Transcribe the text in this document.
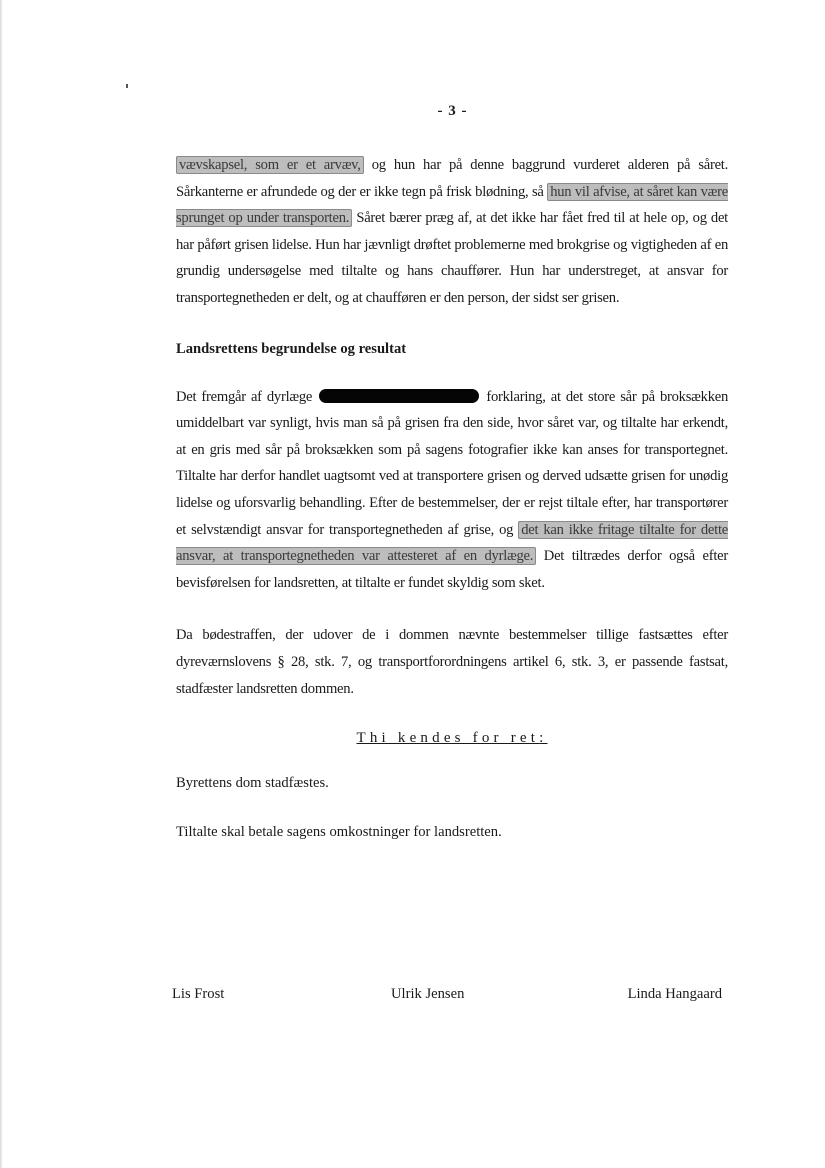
- 3 -

vævskapsel, som er et arvæv, og hun har på denne baggrund vurderet alderen på såret. Sårkanterne er afrundede og der er ikke tegn på frisk blødning, så hun vil afvise, at såret kan være sprunget op under transporten. Såret bærer præg af, at det ikke har fået fred til at hele op, og det har påført grisen lidelse. Hun har jævnligt drøftet problemerne med brokgrise og vigtigheden af en grundig undersøgelse med tiltalte og hans chauffører. Hun har understreget, at ansvar for transportegnetheden er delt, og at chaufføren er den person, der sidst ser grisen.

Landsrettens begrundelse og resultat

Det fremgår af dyrlæge	forklaring, at det store sår på broksækken umiddelbart var synligt, hvis man så på grisen fra den side, hvor såret var, og tiltalte har erkendt, at en gris med sår på broksækken som på sagens fotografier ikke kan anses for transportegnet. Tiltalte har derfor handlet uagtsomt ved at transportere grisen og derved udsætte grisen for unødig lidelse og uforsvarlig behandling. Efter de bestemmelser, der er rejst tiltale efter, har transportører et selvstændigt ansvar for transportegnetheden af grise, og det kan ikke fritage tiltalte for dette ansvar, at transportegnetheden var attesteret af en dyrlæge. Det tiltrædes derfor også efter bevisførelsen for landsretten, at tiltalte er fundet skyldig som sket.

Da bødestraffen, der udover de i dommen nævnte bestemmelser tillige fastsættes efter dyreværnslovens § 28, stk. 7, og transportforordningens artikel 6, stk. 3, er passende fastsat, stadfæster landsretten dommen.

Thi kendes for ret:

Byrettens dom stadfæstes.

Tiltalte skal betale sagens omkostninger for landsretten.

Lis Frost	Ulrik Jensen	Linda Hangaard
